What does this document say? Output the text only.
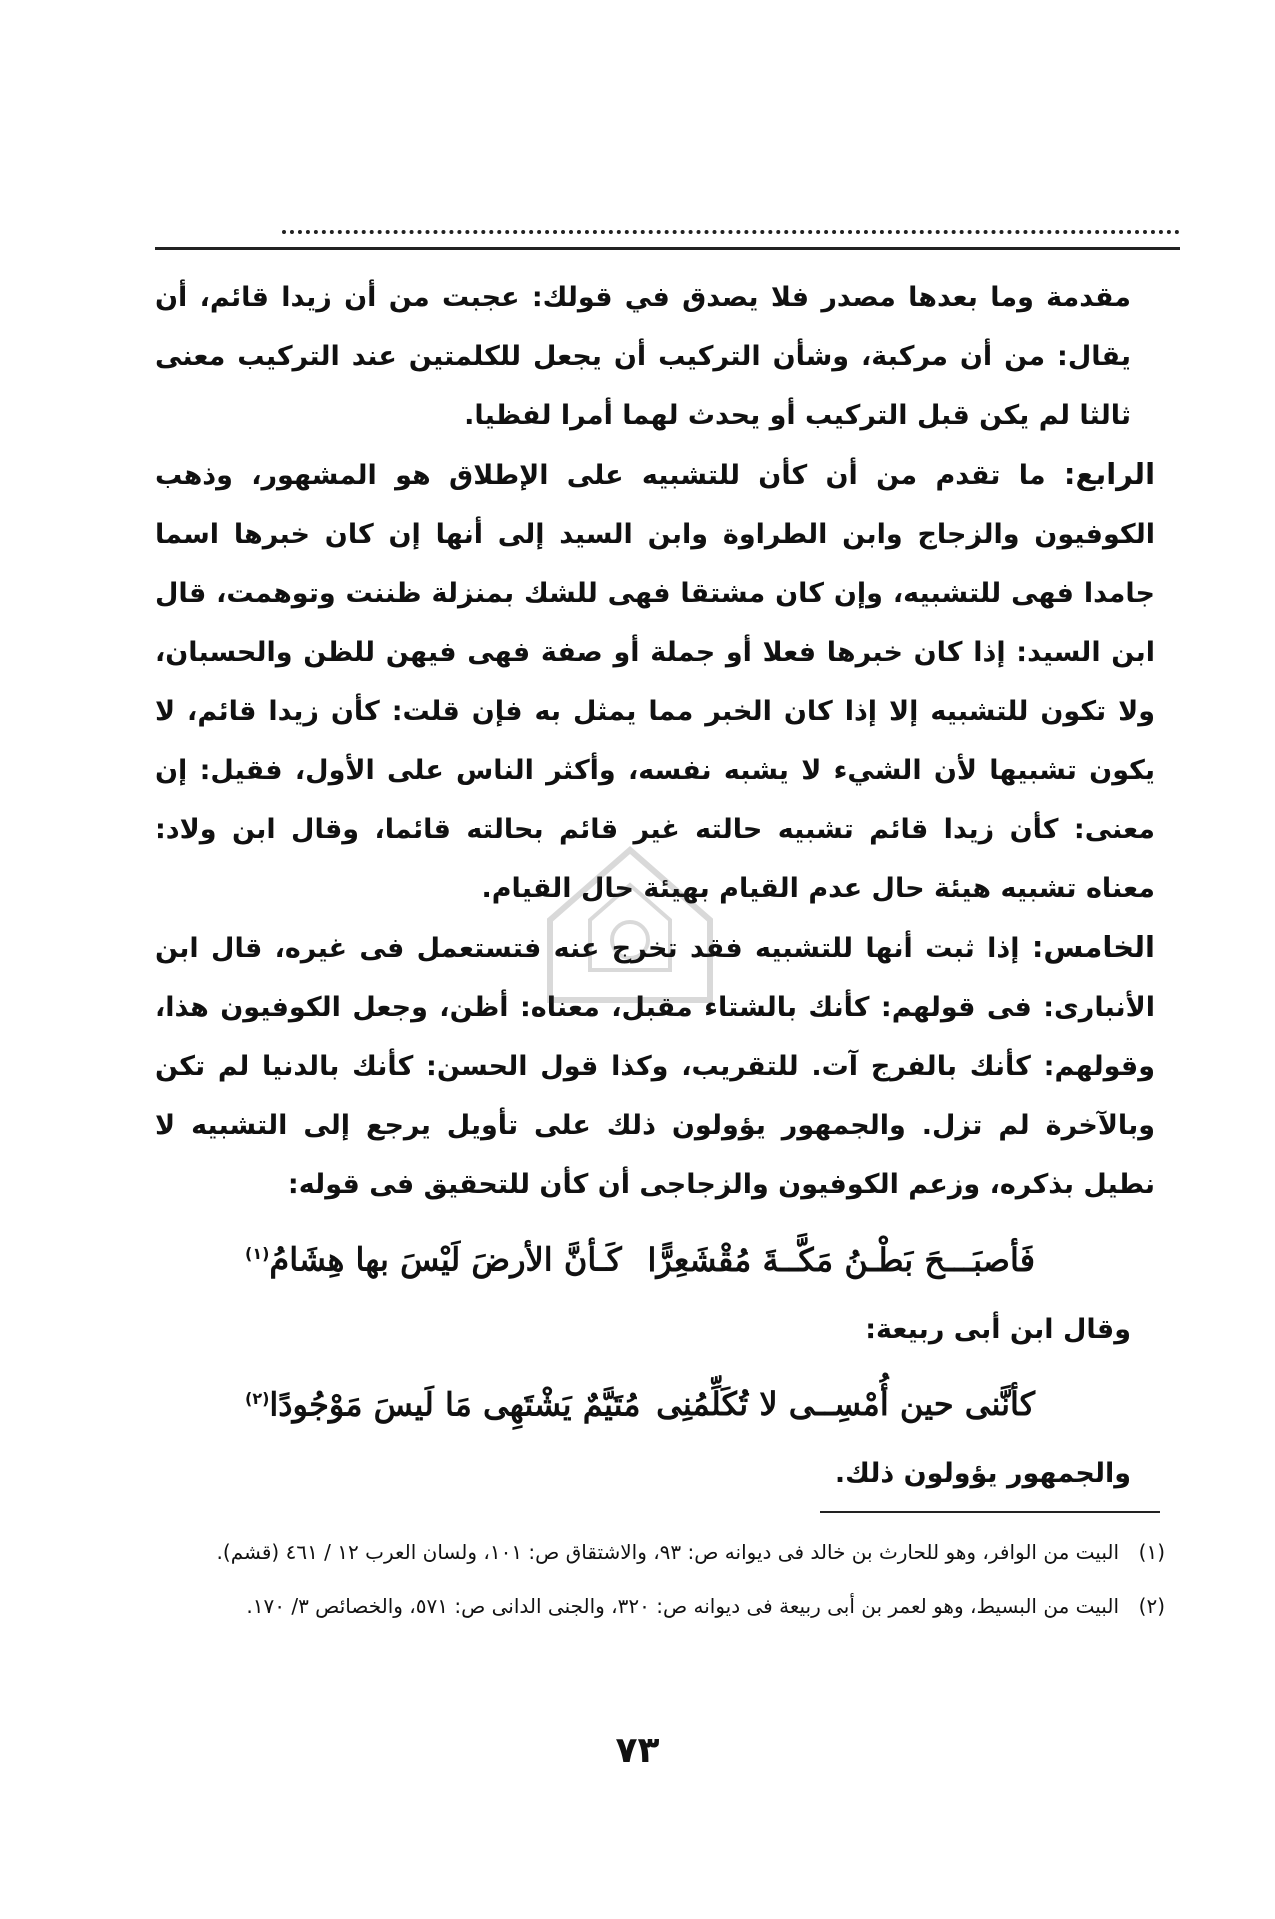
مقدمة وما بعدها مصدر فلا يصدق في قولك: عجبت من أن زيدا قائم، أن يقال: من أن مركبة، وشأن التركيب أن يجعل للكلمتين عند التركيب معنى ثالثا لم يكن قبل التركيب أو يحدث لهما أمرا لفظيا.

الرابع: ما تقدم من أن كأن للتشبيه على الإطلاق هو المشهور، وذهب الكوفيون والزجاج وابن الطراوة وابن السيد إلى أنها إن كان خبرها اسما جامدا فهى للتشبيه، وإن كان مشتقا فهى للشك بمنزلة ظننت وتوهمت، قال ابن السيد: إذا كان خبرها فعلا أو جملة أو صفة فهى فيهن للظن والحسبان، ولا تكون للتشبيه إلا إذا كان الخبر مما يمثل به فإن قلت: كأن زيدا قائم، لا يكون تشبيها لأن الشيء لا يشبه نفسه، وأكثر الناس على الأول، فقيل: إن معنى: كأن زيدا قائم تشبيه حالته غير قائم بحالته قائما، وقال ابن ولاد: معناه تشبيه هيئة حال عدم القيام بهيئة حال القيام.

الخامس: إذا ثبت أنها للتشبيه فقد تخرج عنه فتستعمل فى غيره، قال ابن الأنبارى: فى قولهم: كأنك بالشتاء مقبل، معناه: أظن، وجعل الكوفيون هذا، وقولهم: كأنك بالفرج آت. للتقريب، وكذا قول الحسن: كأنك بالدنيا لم تكن وبالآخرة لم تزل. والجمهور يؤولون ذلك على تأويل يرجع إلى التشبيه لا نطيل بذكره، وزعم الكوفيون والزجاجى أن كأن للتحقيق فى قوله:

فَأصبَـــحَ بَطْـنُ مَكَّــةَ مُقْشَعِرًّا
كَـأنَّ الأرضَ لَيْسَ بها هِشَامُ$^{(١)}$

وقال ابن أبى ربيعة:

كأنَّنى حين أُمْسِــى لا تُكَلِّمُنِى
مُتَيَّمٌ يَشْتَهِى مَا لَيسَ مَوْجُودًا$^{(٢)}$

والجمهور يؤولون ذلك.

(١)
البيت من الوافر، وهو للحارث بن خالد فى ديوانه ص: ٩٣، والاشتقاق ص: ١٠١، ولسان العرب ١٢ / ٤٦١ (قشم).
(٢)
البيت من البسيط، وهو لعمر بن أبى ربيعة فى ديوانه ص: ٣٢٠، والجنى الدانى ص: ٥٧١، والخصائص ٣/ ١٧٠.
٧٣
